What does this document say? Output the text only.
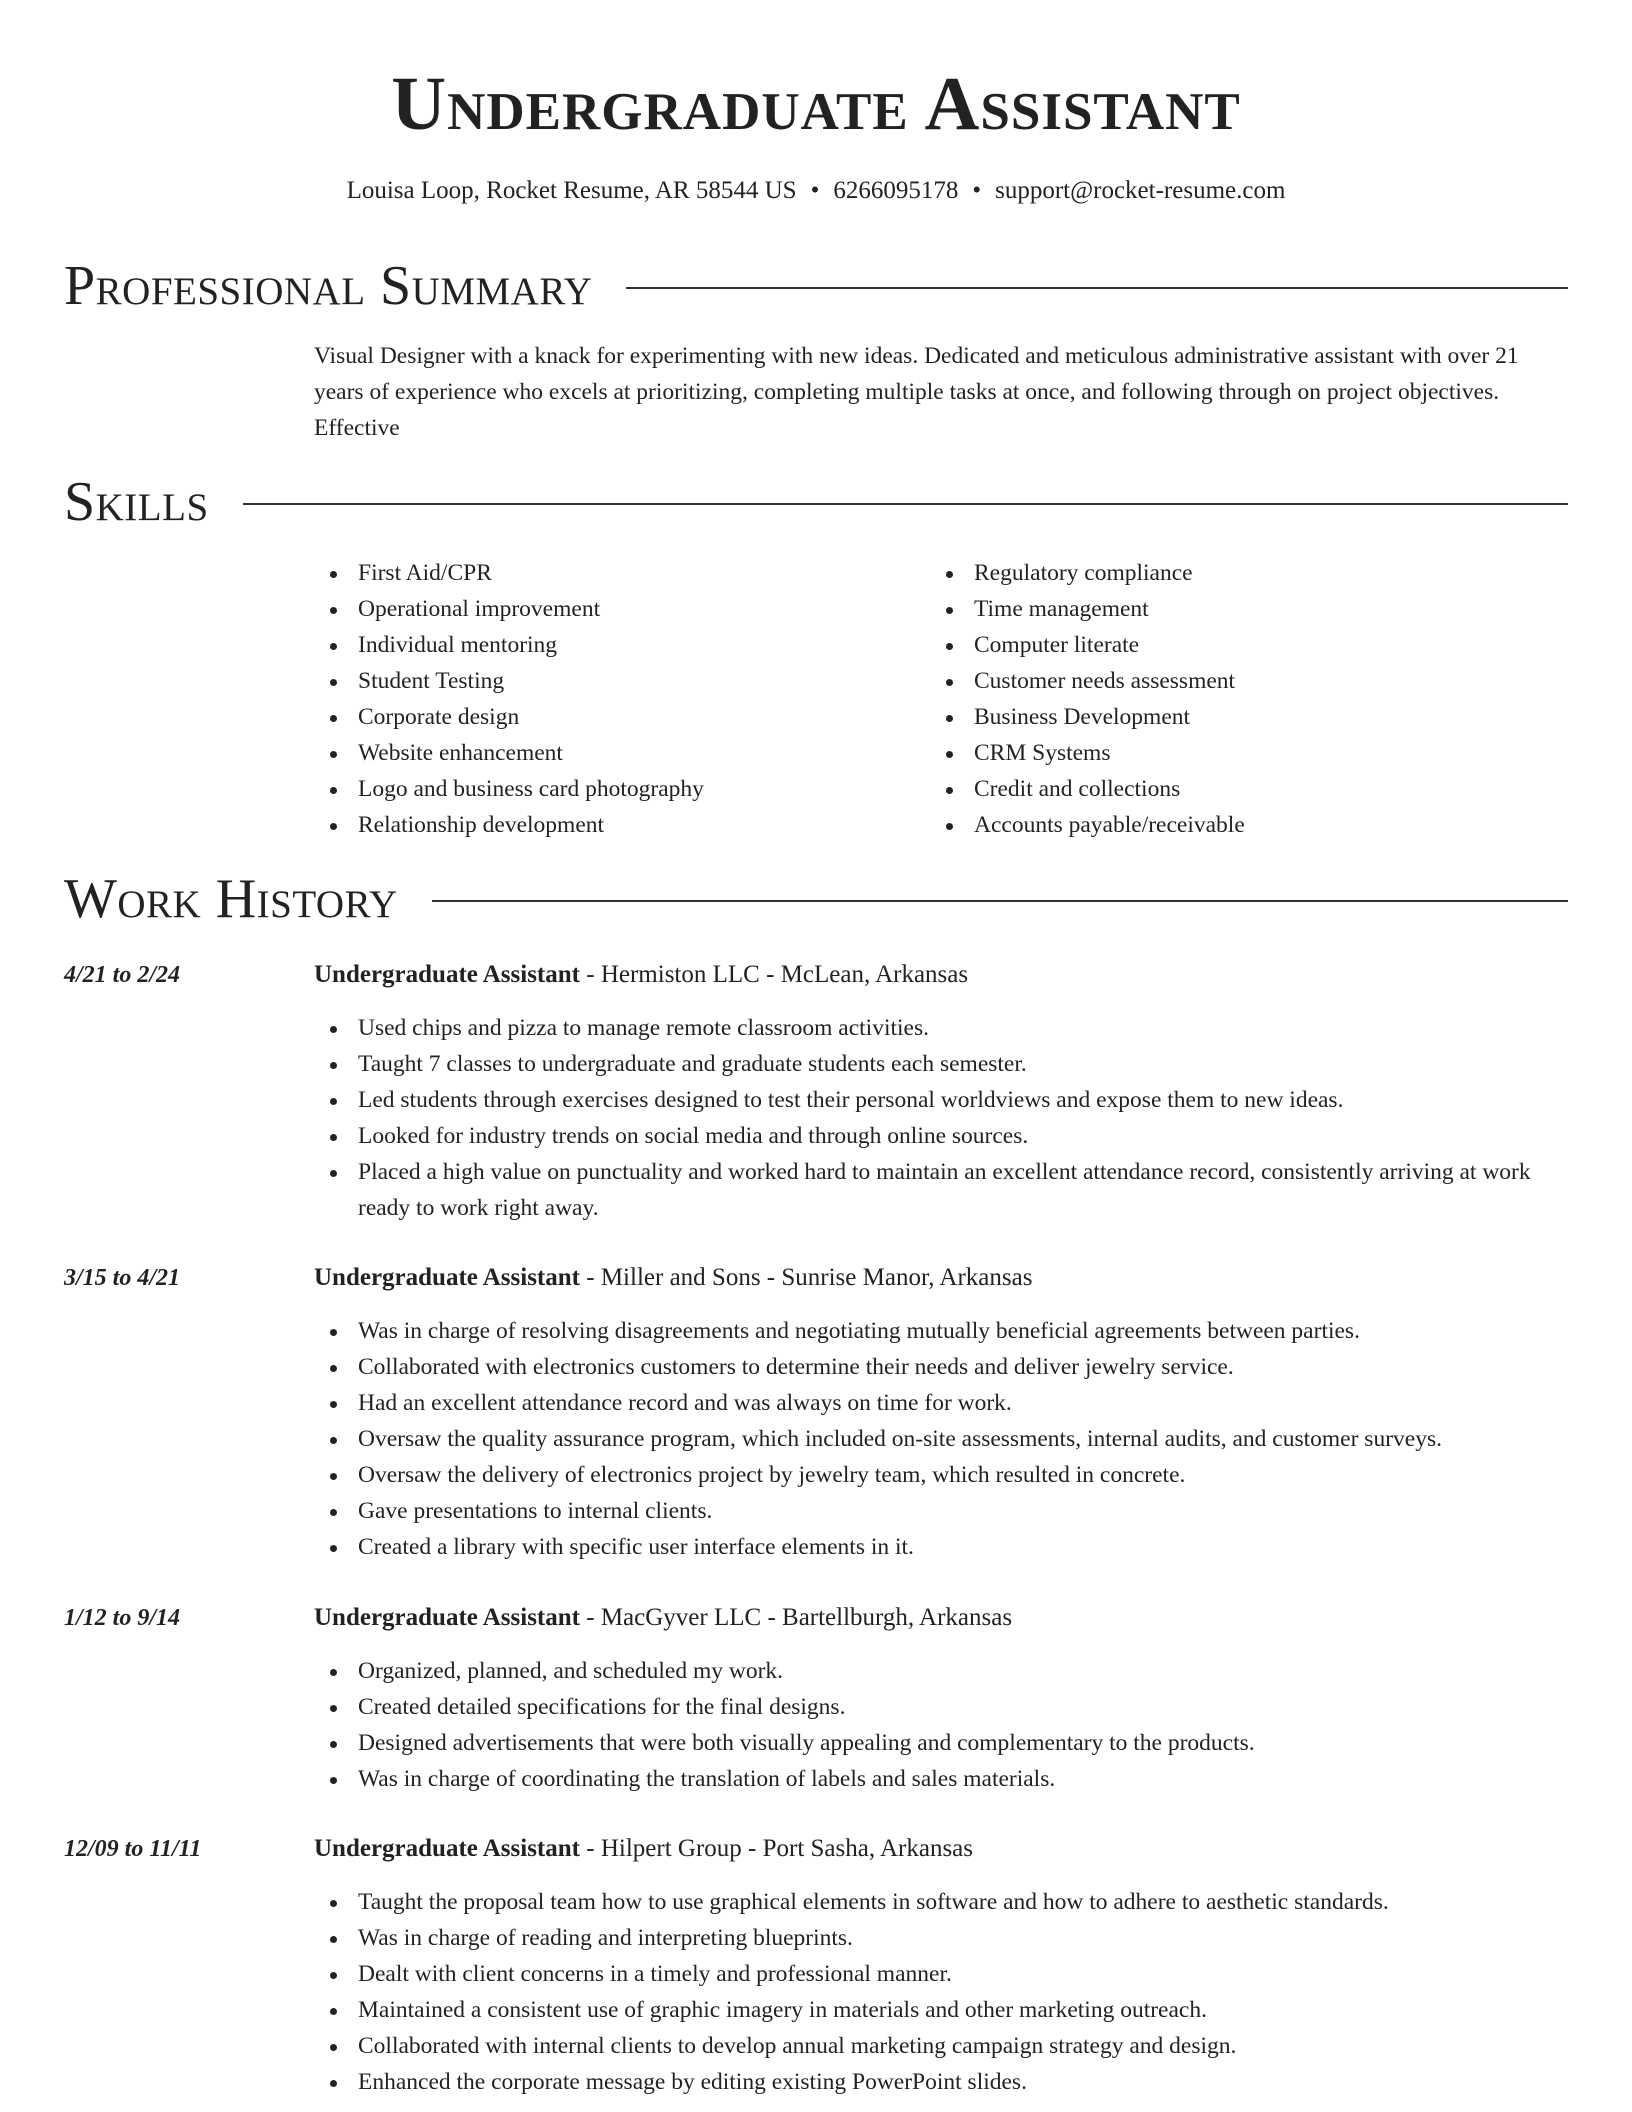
Undergraduate Assistant
Louisa Loop, Rocket Resume, AR 58544 US • 6266095178 • support@rocket-resume.com
Professional Summary

Visual Designer with a knack for experimenting with new ideas. Dedicated and meticulous administrative assistant with over 21 years of experience who excels at prioritizing, completing multiple tasks at once, and following through on project objectives. Effective

Skills
First Aid/CPR
Operational improvement
Individual mentoring
Student Testing
Corporate design
Website enhancement
Logo and business card photography
Relationship development
Regulatory compliance
Time management
Computer literate
Customer needs assessment
Business Development
CRM Systems
Credit and collections
Accounts payable/receivable
Work History
4/21 to 2/24	Undergraduate Assistant - Hermiston LLC - McLean, Arkansas
Used chips and pizza to manage remote classroom activities.
Taught 7 classes to undergraduate and graduate students each semester.
Led students through exercises designed to test their personal worldviews and expose them to new ideas.
Looked for industry trends on social media and through online sources.
Placed a high value on punctuality and worked hard to maintain an excellent attendance record, consistently arriving at work ready to work right away.
3/15 to 4/21	Undergraduate Assistant - Miller and Sons - Sunrise Manor, Arkansas
Was in charge of resolving disagreements and negotiating mutually beneficial agreements between parties.
Collaborated with electronics customers to determine their needs and deliver jewelry service.
Had an excellent attendance record and was always on time for work.
Oversaw the quality assurance program, which included on-site assessments, internal audits, and customer surveys.
Oversaw the delivery of electronics project by jewelry team, which resulted in concrete.
Gave presentations to internal clients.
Created a library with specific user interface elements in it.
1/12 to 9/14	Undergraduate Assistant - MacGyver LLC - Bartellburgh, Arkansas
Organized, planned, and scheduled my work.
Created detailed specifications for the final designs.
Designed advertisements that were both visually appealing and complementary to the products.
Was in charge of coordinating the translation of labels and sales materials.
12/09 to 11/11	Undergraduate Assistant - Hilpert Group - Port Sasha, Arkansas
Taught the proposal team how to use graphical elements in software and how to adhere to aesthetic standards.
Was in charge of reading and interpreting blueprints.
Dealt with client concerns in a timely and professional manner.
Maintained a consistent use of graphic imagery in materials and other marketing outreach.
Collaborated with internal clients to develop annual marketing campaign strategy and design.
Enhanced the corporate message by editing existing PowerPoint slides.
